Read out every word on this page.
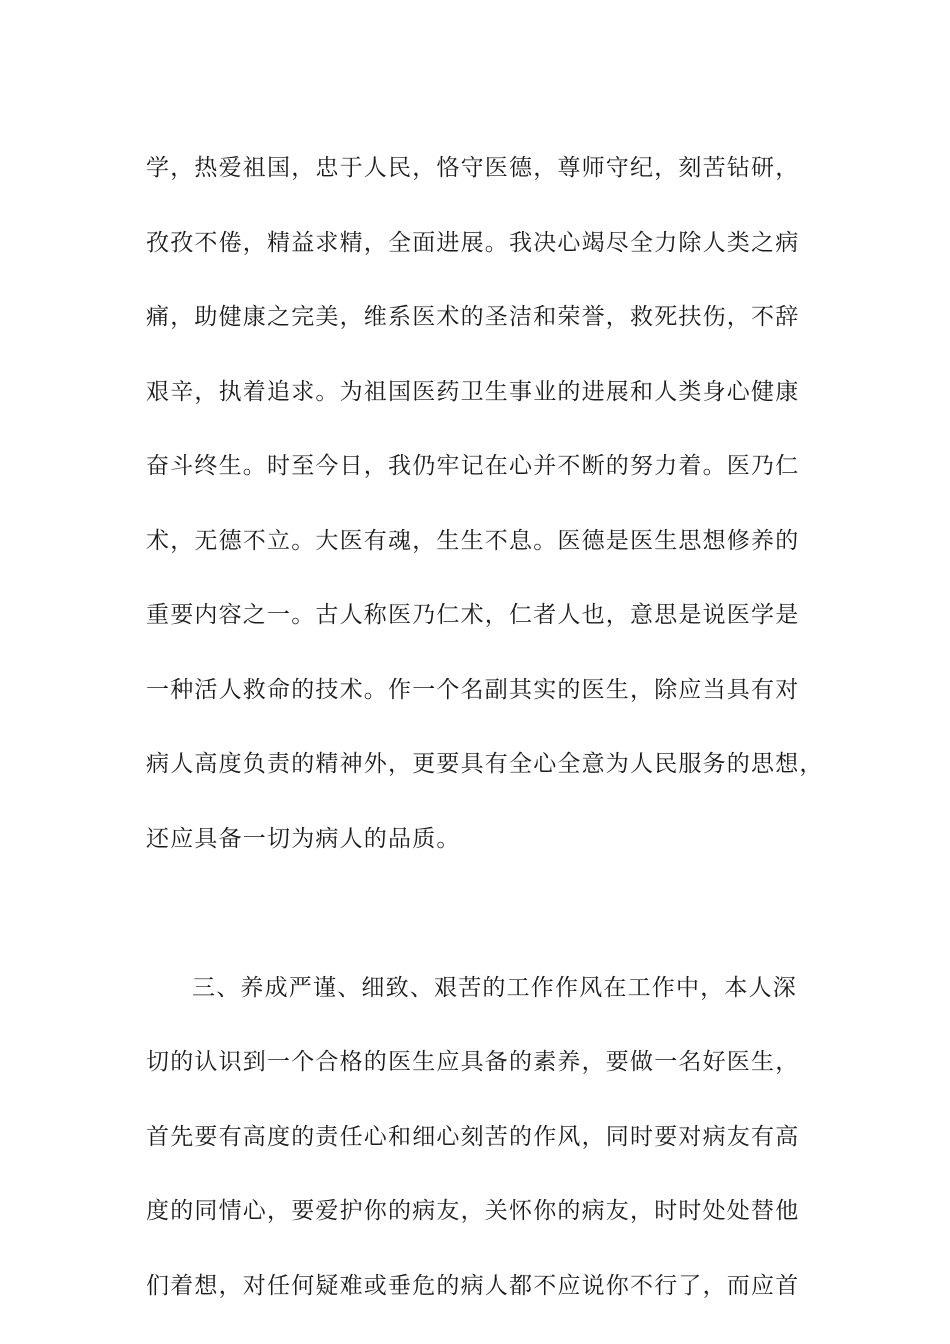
学，热爱祖国，忠于人民，恪守医德，尊师守纪，刻苦钻研，
孜孜不倦，精益求精，全面进展。我决心竭尽全力除人类之病
痛，助健康之完美，维系医术的圣洁和荣誉，救死扶伤，不辞
艰辛，执着追求。为祖国医药卫生事业的进展和人类身心健康
奋斗终生。时至今日，我仍牢记在心并不断的努力着。医乃仁
术，无德不立。大医有魂，生生不息。医德是医生思想修养的
重要内容之一。古人称医乃仁术，仁者人也，意思是说医学是
一种活人救命的技术。作一个名副其实的医生，除应当具有对
病人高度负责的精神外，更要具有全心全意为人民服务的思想，
还应具备一切为病人的品质。
三、养成严谨、细致、艰苦的工作作风在工作中，本人深
切的认识到一个合格的医生应具备的素养，要做一名好医生，
首先要有高度的责任心和细心刻苦的作风，同时要对病友有高
度的同情心，要爱护你的病友，关怀你的病友，时时处处替他
们着想，对任何疑难或垂危的病人都不应说你不行了，而应首
